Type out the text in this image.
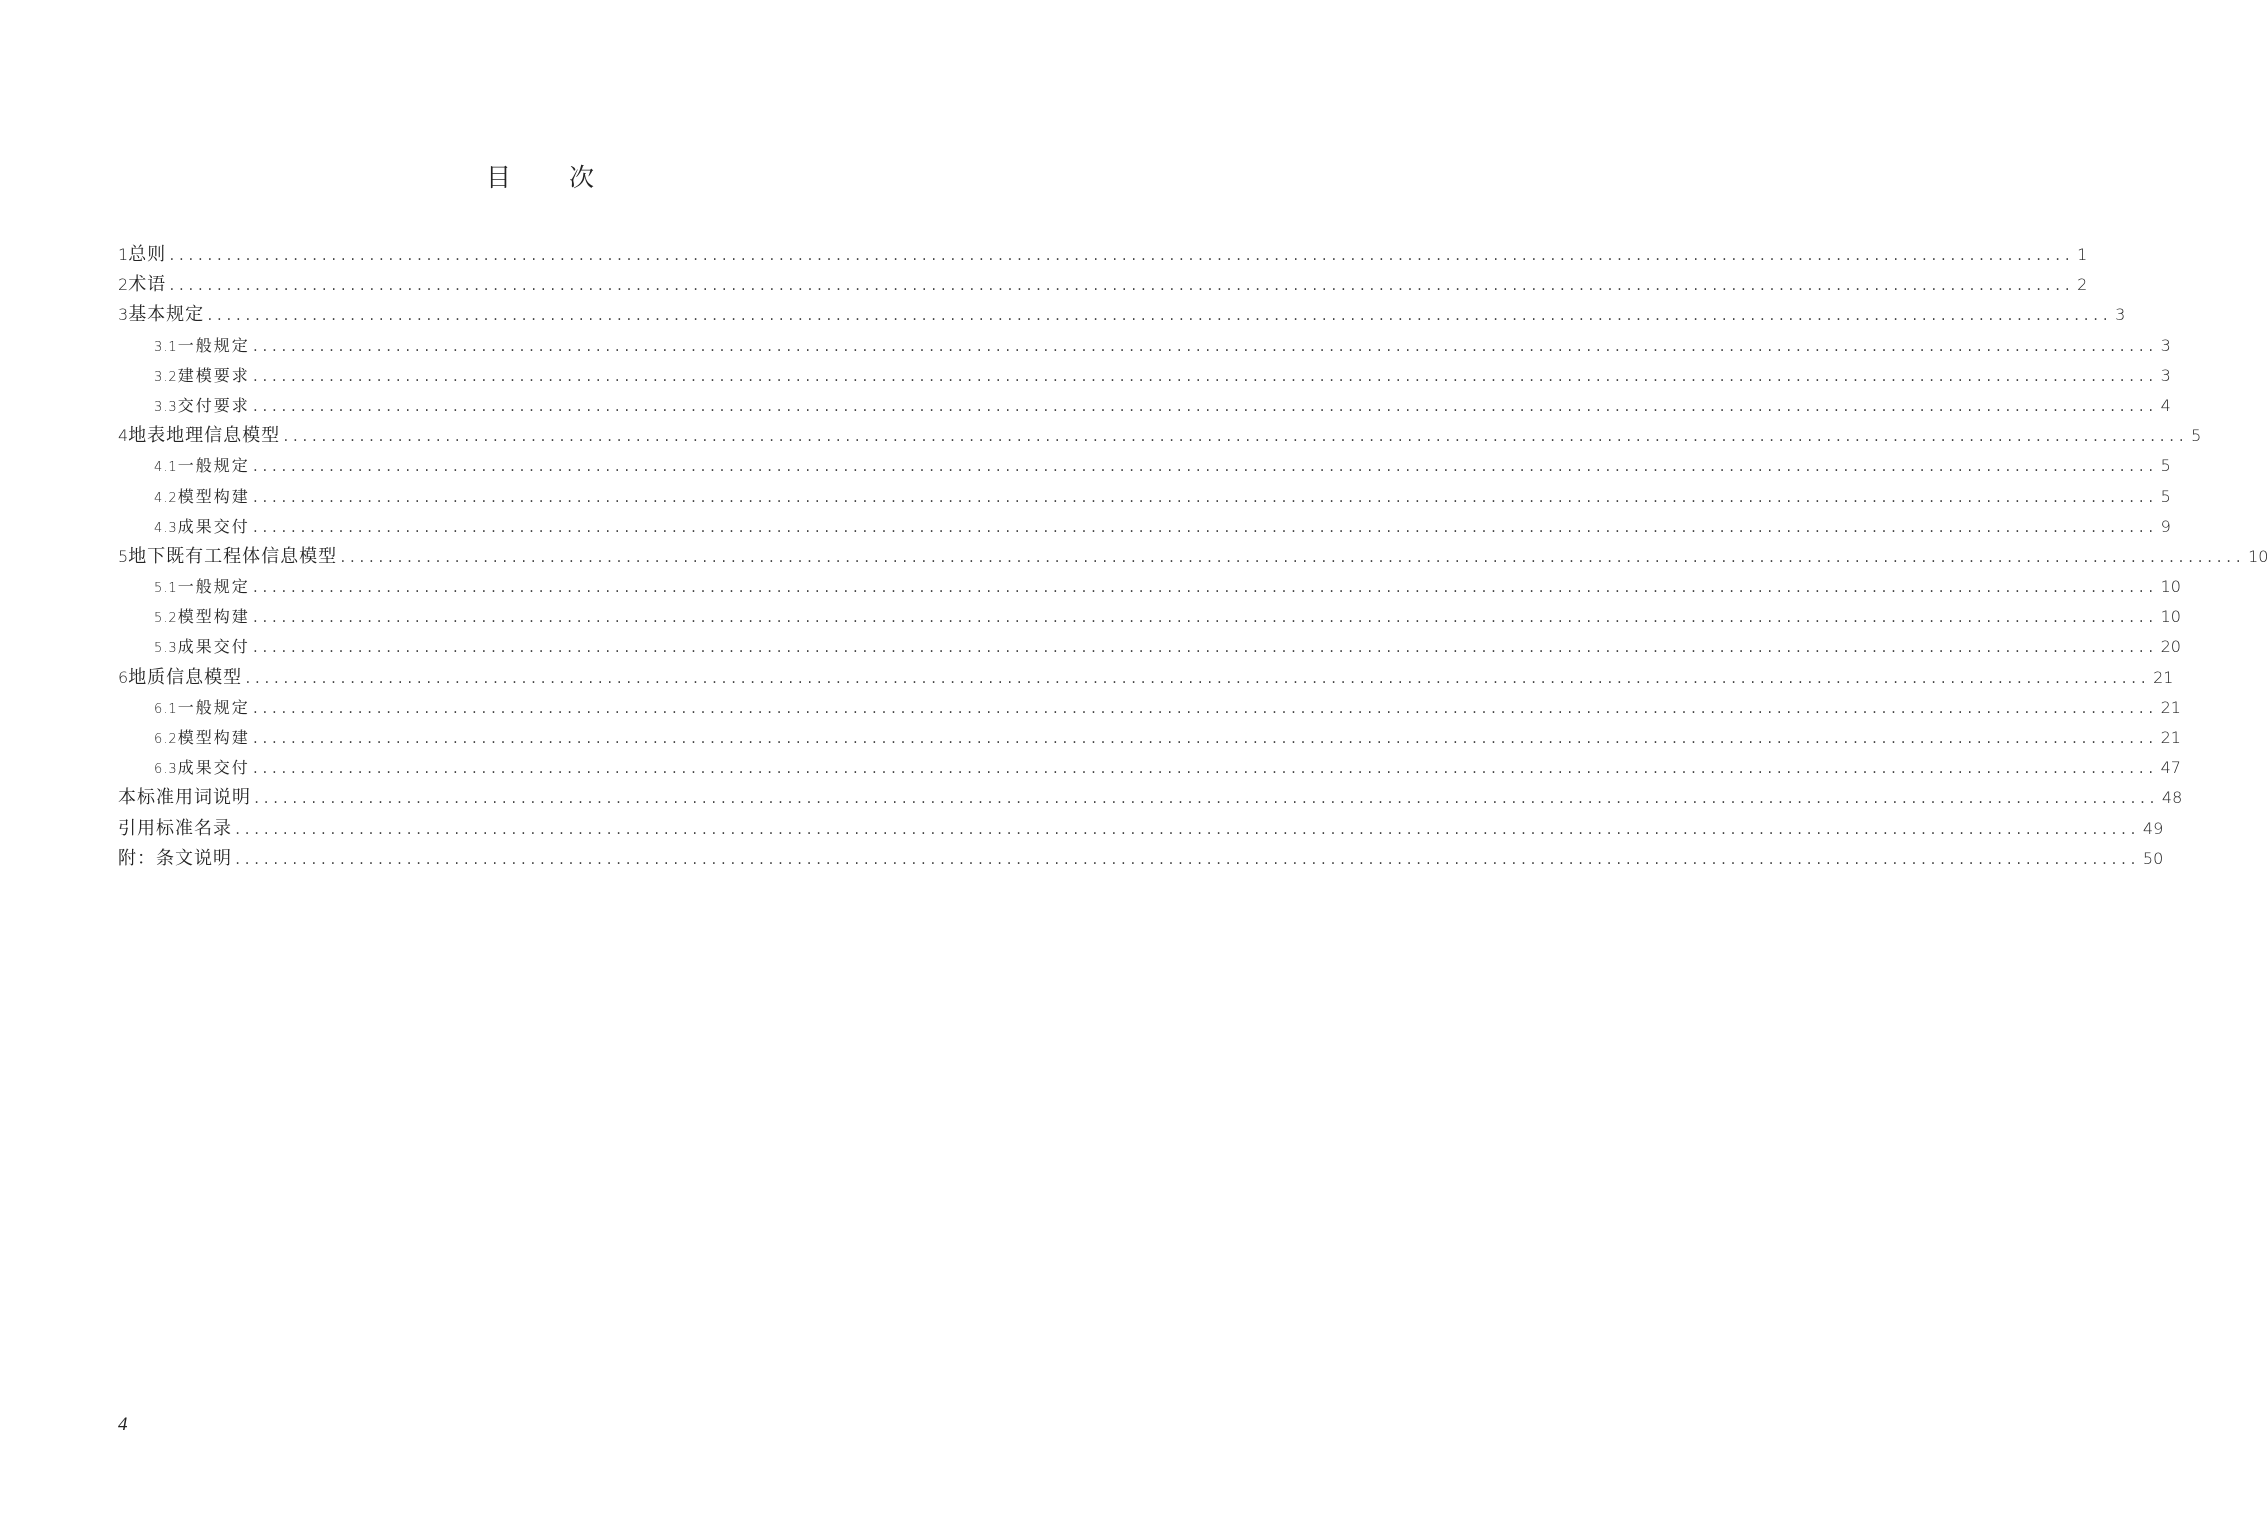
目 次
1 总则 ........................................................................................................................................................................................................ 1
2 术语 ........................................................................................................................................................................................................ 2
3 基本规定 ........................................................................................................................................................................................................ 3
3.1 一般规定 ........................................................................................................................................................................................................ 3
3.2 建模要求 ........................................................................................................................................................................................................ 3
3.3 交付要求 ........................................................................................................................................................................................................ 4
4 地表地理信息模型 ........................................................................................................................................................................................................ 5
4.1 一般规定 ........................................................................................................................................................................................................ 5
4.2 模型构建 ........................................................................................................................................................................................................ 5
4.3 成果交付 ........................................................................................................................................................................................................ 9
5 地下既有工程体信息模型 ........................................................................................................................................................................................................ 10
5.1 一般规定 ........................................................................................................................................................................................................ 10
5.2 模型构建 ........................................................................................................................................................................................................ 10
5.3 成果交付 ........................................................................................................................................................................................................ 20
6 地质信息模型 ........................................................................................................................................................................................................ 21
6.1 一般规定 ........................................................................................................................................................................................................ 21
6.2 模型构建 ........................................................................................................................................................................................................ 21
6.3 成果交付 ........................................................................................................................................................................................................ 47
本标准用词说明 ........................................................................................................................................................................................................ 48
引用标准名录 ........................................................................................................................................................................................................ 49
附：条文说明 ........................................................................................................................................................................................................ 50
4
